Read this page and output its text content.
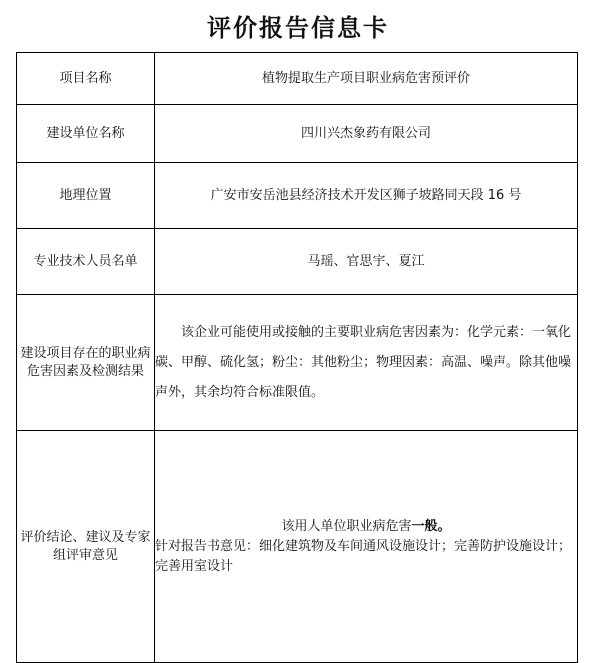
评价报告信息卡
项目名称	植物提取生产项目职业病危害预评价
建设单位名称	四川兴杰象药有限公司
地理位置	广安市安岳池县经济技术开发区狮子坡路同天段 16 号
专业技术人员名单	马瑶、官思宇、夏江
建设项目存在的职业病危害因素及检测结果	该企业可能使用或接触的主要职业病危害因素为：化学元素：一氧化碳、甲醇、硫化氢；粉尘：其他粉尘；物理因素：高温、噪声。除其他噪声外，其余均符合标准限值。

评价结论、建议及专家组评审意见	该用人单位职业病危害一般。
针对报告书意见：细化建筑物及车间通风设施设计；完善防护设施设计；完善用室设计
